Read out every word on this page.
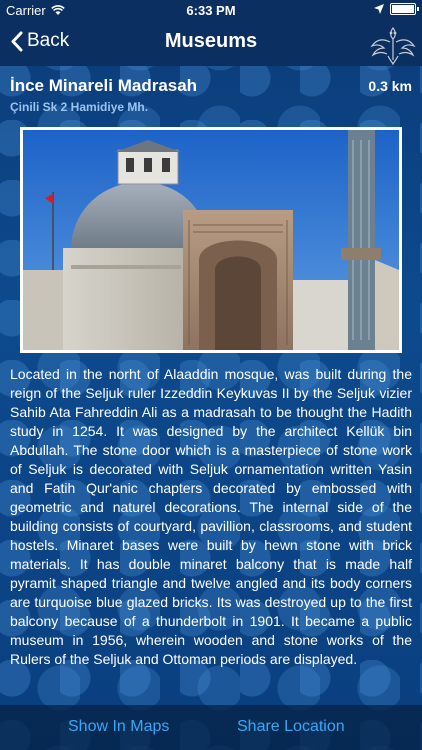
Carrier	6:33 PM
Back	Museums
İnce Minareli Madrasah	0.3 km
Çinili Sk 2 Hamidiye Mh.
Located in the norht of Alaaddin mosque, was built during the reign of the Seljuk ruler Izzeddin Keykuvas II by the Seljuk vizier Sahib Ata Fahreddin Ali as a madrasah to be thought the Hadith study in 1254. It was designed by the architect Kellük bin Abdullah. The stone door which is a masterpiece of stone work of Seljuk is decorated with Seljuk ornamentation written Yasin and Fatih Qur'anic chapters decorated by embossed with geometric and naturel decorations. The internal side of the building consists of courtyard, pavillion, classrooms, and student hostels. Minaret bases were built by hewn stone with brick materials. It has double minaret balcony that is made half pyramit shaped triangle and twelve angled and its body corners are turquoise blue glazed bricks. Its was destroyed up to the first balcony because of a thunderbolt in 1901. It became a public museum in 1956, wherein wooden and stone works of the Rulers of the Seljuk and Ottoman periods are displayed.
Show In Maps	Share Location
